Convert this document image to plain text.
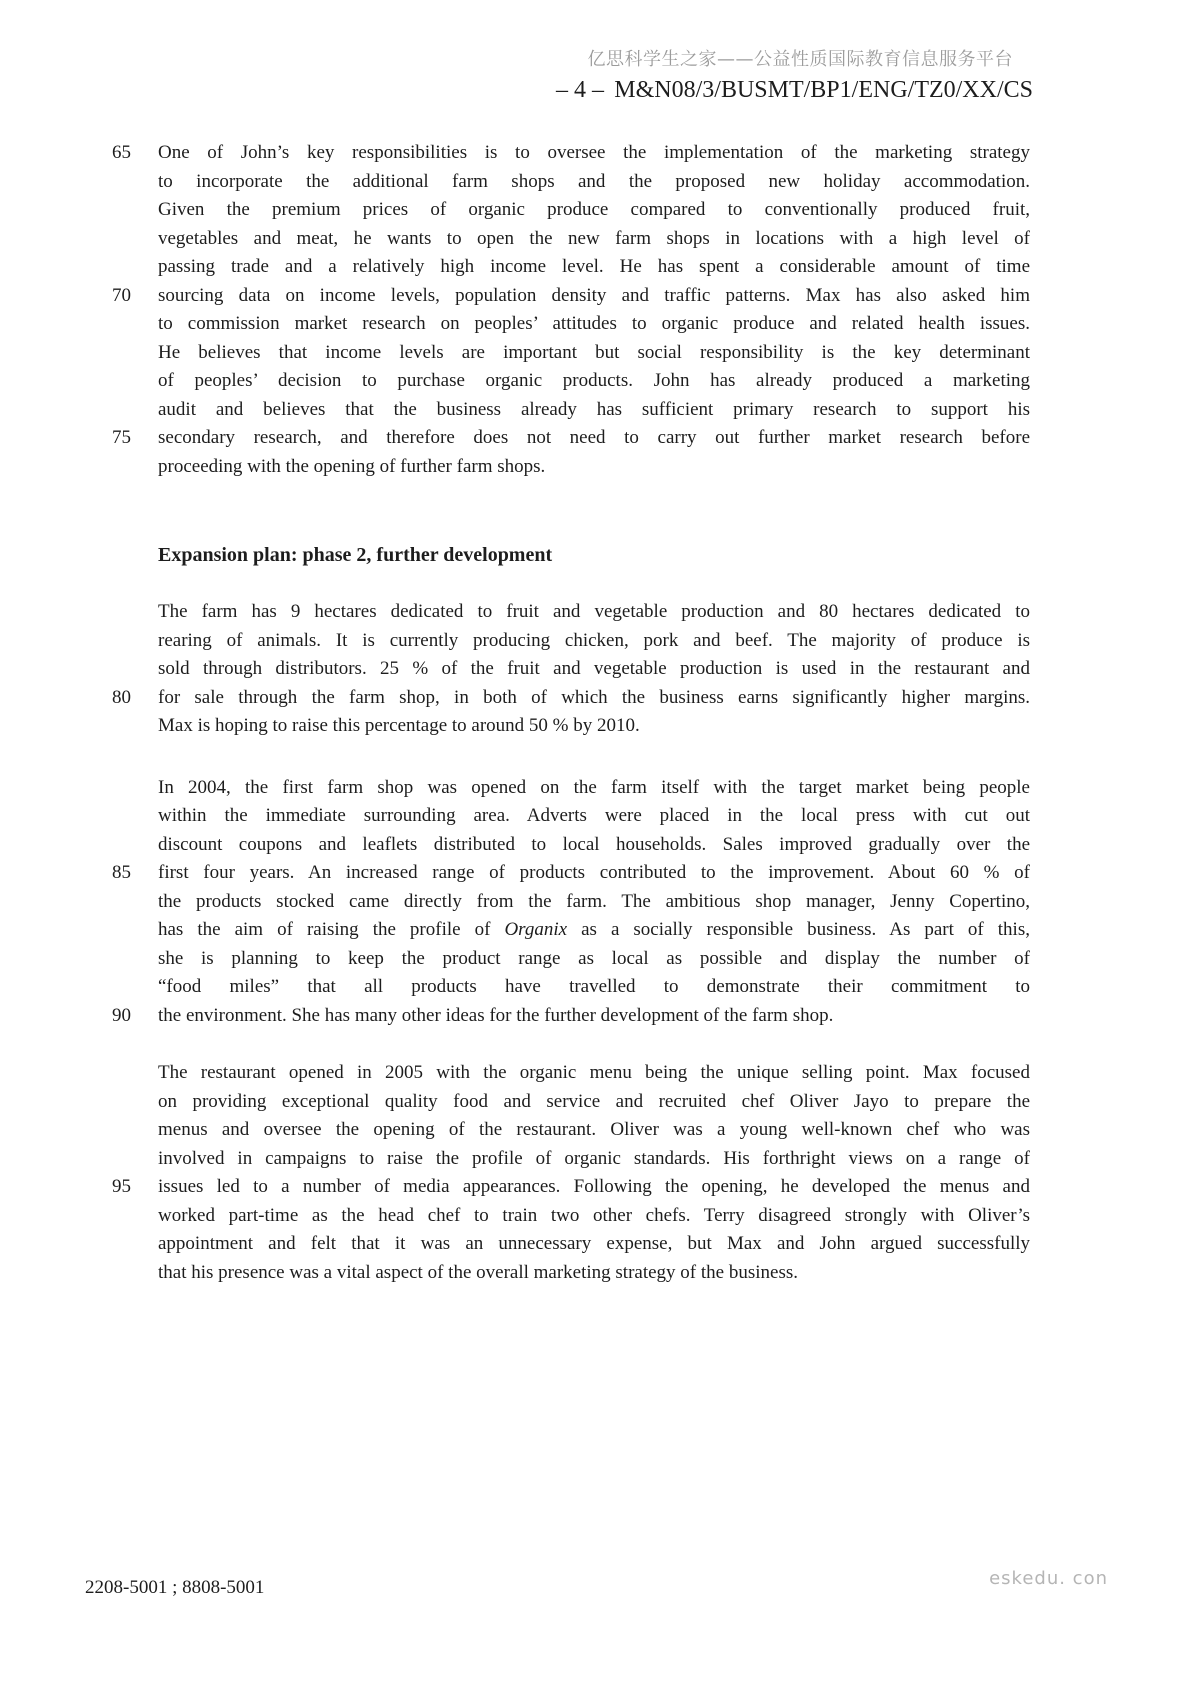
亿思科学生之家——公益性质国际教育信息服务平台
– 4 – M&N08/3/BUSMT/BP1/ENG/TZ0/XX/CS
65	One of John’s key responsibilities is to oversee the implementation of the marketing strategy
to incorporate the additional farm shops and the proposed new holiday accommodation.
Given the premium prices of organic produce compared to conventionally produced fruit,
vegetables and meat, he wants to open the new farm shops in locations with a high level of
passing trade and a relatively high income level. He has spent a considerable amount of time
70	sourcing data on income levels, population density and traffic patterns. Max has also asked him
to commission market research on peoples’ attitudes to organic produce and related health issues.
He believes that income levels are important but social responsibility is the key determinant
of peoples’ decision to purchase organic products. John has already produced a marketing
audit and believes that the business already has sufficient primary research to support his
75	secondary research, and therefore does not need to carry out further market research before
proceeding with the opening of further farm shops.
Expansion plan: phase 2, further development
The farm has 9 hectares dedicated to fruit and vegetable production and 80 hectares dedicated to
rearing of animals. It is currently producing chicken, pork and beef. The majority of produce is
sold through distributors. 25 % of the fruit and vegetable production is used in the restaurant and
80	for sale through the farm shop, in both of which the business earns significantly higher margins.
Max is hoping to raise this percentage to around 50 % by 2010.
In 2004, the first farm shop was opened on the farm itself with the target market being people
within the immediate surrounding area. Adverts were placed in the local press with cut out
discount coupons and leaflets distributed to local households. Sales improved gradually over the
85	first four years. An increased range of products contributed to the improvement. About 60 % of
the products stocked came directly from the farm. The ambitious shop manager, Jenny Copertino,
has the aim of raising the profile of Organix as a socially responsible business. As part of this,
she is planning to keep the product range as local as possible and display the number of
“food miles” that all products have travelled to demonstrate their commitment to
90	the environment. She has many other ideas for the further development of the farm shop.
The restaurant opened in 2005 with the organic menu being the unique selling point. Max focused
on providing exceptional quality food and service and recruited chef Oliver Jayo to prepare the
menus and oversee the opening of the restaurant. Oliver was a young well-known chef who was
involved in campaigns to raise the profile of organic standards. His forthright views on a range of
95	issues led to a number of media appearances. Following the opening, he developed the menus and
worked part-time as the head chef to train two other chefs. Terry disagreed strongly with Oliver’s
appointment and felt that it was an unnecessary expense, but Max and John argued successfully
that his presence was a vital aspect of the overall marketing strategy of the business.
2208-5001 ; 8808-5001	eskedu. con
